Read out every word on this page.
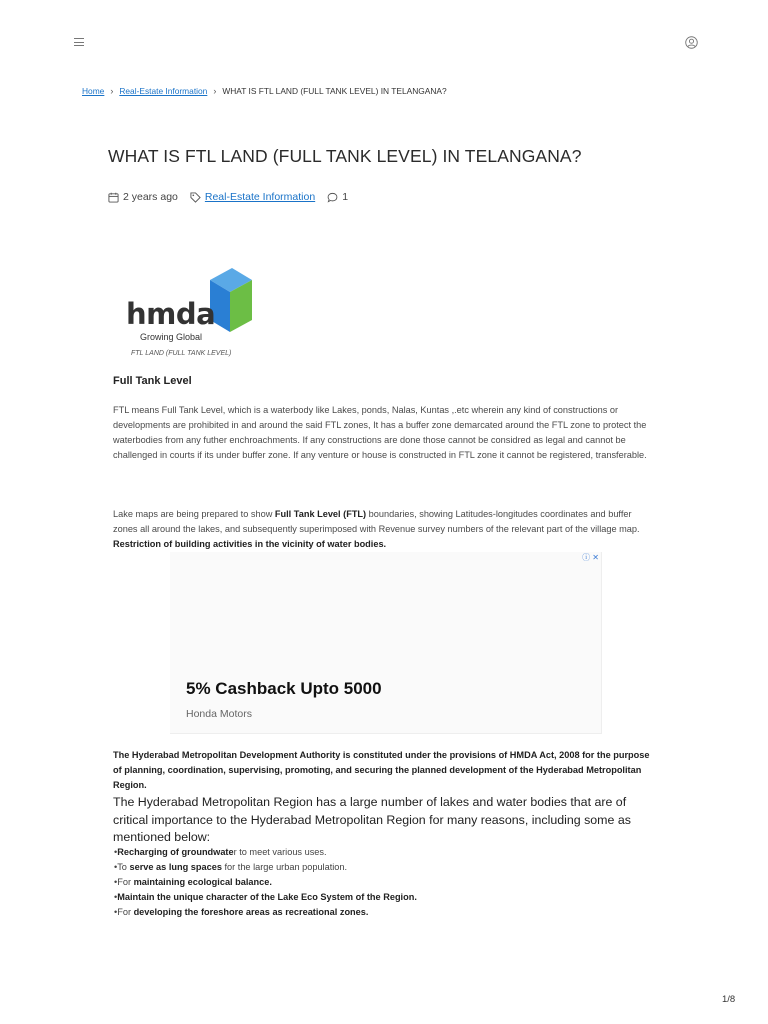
Home › Real-Estate Information › WHAT IS FTL LAND (FULL TANK LEVEL) IN TELANGANA?
WHAT IS FTL LAND (FULL TANK LEVEL) IN TELANGANA?
2 years ago	Real-Estate Information	1
hmda
Growing Global
FTL LAND (FULL TANK LEVEL)
Full Tank Level

FTL means Full Tank Level, which is a waterbody like Lakes, ponds, Nalas, Kuntas ,.etc wherein any kind of constructions or developments are prohibited in and around the said FTL zones, It has a buffer zone demarcated around the FTL zone to protect the waterbodies from any futher enchroachments. If any constructions are done those cannot be considred as legal and cannot be challenged in courts if its under buffer zone. If any venture or house is constructed in FTL zone it cannot be registered, transferable.

Lake maps are being prepared to show Full Tank Level (FTL) boundaries, showing Latitudes-longitudes coordinates and buffer zones all around the lakes, and subsequently superimposed with Revenue survey numbers of the relevant part of the village map. Restriction of building activities in the vicinity of water bodies.

ⓘ ✕
5% Cashback Upto 5000
Honda Motors

The Hyderabad Metropolitan Development Authority is constituted under the provisions of HMDA Act, 2008 for the purpose of planning, coordination, supervising, promoting, and securing the planned development of the Hyderabad Metropolitan Region.

The Hyderabad Metropolitan Region has a large number of lakes and water bodies that are of critical importance to the Hyderabad Metropolitan Region for many reasons, including some as mentioned below:

•Recharging of groundwater to meet various uses.
•To serve as lung spaces for the large urban population.
•For maintaining ecological balance.
•Maintain the unique character of the Lake Eco System of the Region.
•For developing the foreshore areas as recreational zones.
1/8
